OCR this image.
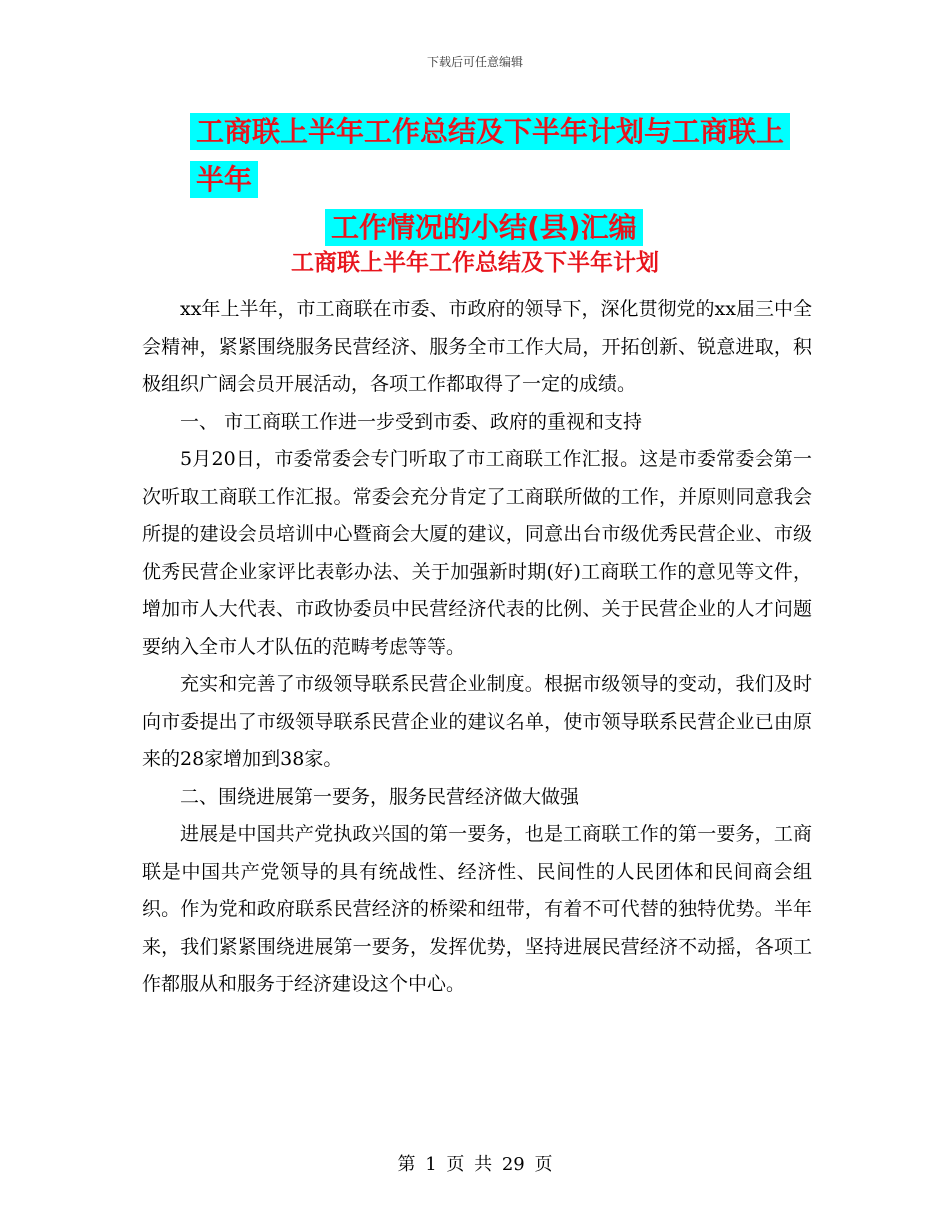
下载后可任意编辑
工商联上半年工作总结及下半年计划与工商联上半年
工作情况的小结(县)汇编
工商联上半年工作总结及下半年计划

xx年上半年，市工商联在市委、市政府的领导下，深化贯彻党的xx届三中全会精神，紧紧围绕服务民营经济、服务全市工作大局，开拓创新、锐意进取，积极组织广阔会员开展活动，各项工作都取得了一定的成绩。

一、 市工商联工作进一步受到市委、政府的重视和支持

5月20日，市委常委会专门听取了市工商联工作汇报。这是市委常委会第一次听取工商联工作汇报。常委会充分肯定了工商联所做的工作，并原则同意我会所提的建设会员培训中心暨商会大厦的建议，同意出台市级优秀民营企业、市级优秀民营企业家评比表彰办法、关于加强新时期(好)工商联工作的意见等文件，增加市人大代表、市政协委员中民营经济代表的比例、关于民营企业的人才问题要纳入全市人才队伍的范畴考虑等等。

充实和完善了市级领导联系民营企业制度。根据市级领导的变动，我们及时向市委提出了市级领导联系民营企业的建议名单，使市领导联系民营企业已由原来的28家增加到38家。

二、围绕进展第一要务，服务民营经济做大做强

进展是中国共产党执政兴国的第一要务，也是工商联工作的第一要务，工商联是中国共产党领导的具有统战性、经济性、民间性的人民团体和民间商会组织。作为党和政府联系民营经济的桥梁和纽带，有着不可代替的独特优势。半年来，我们紧紧围绕进展第一要务，发挥优势，坚持进展民营经济不动摇，各项工作都服从和服务于经济建设这个中心。

第 1 页 共 29 页
